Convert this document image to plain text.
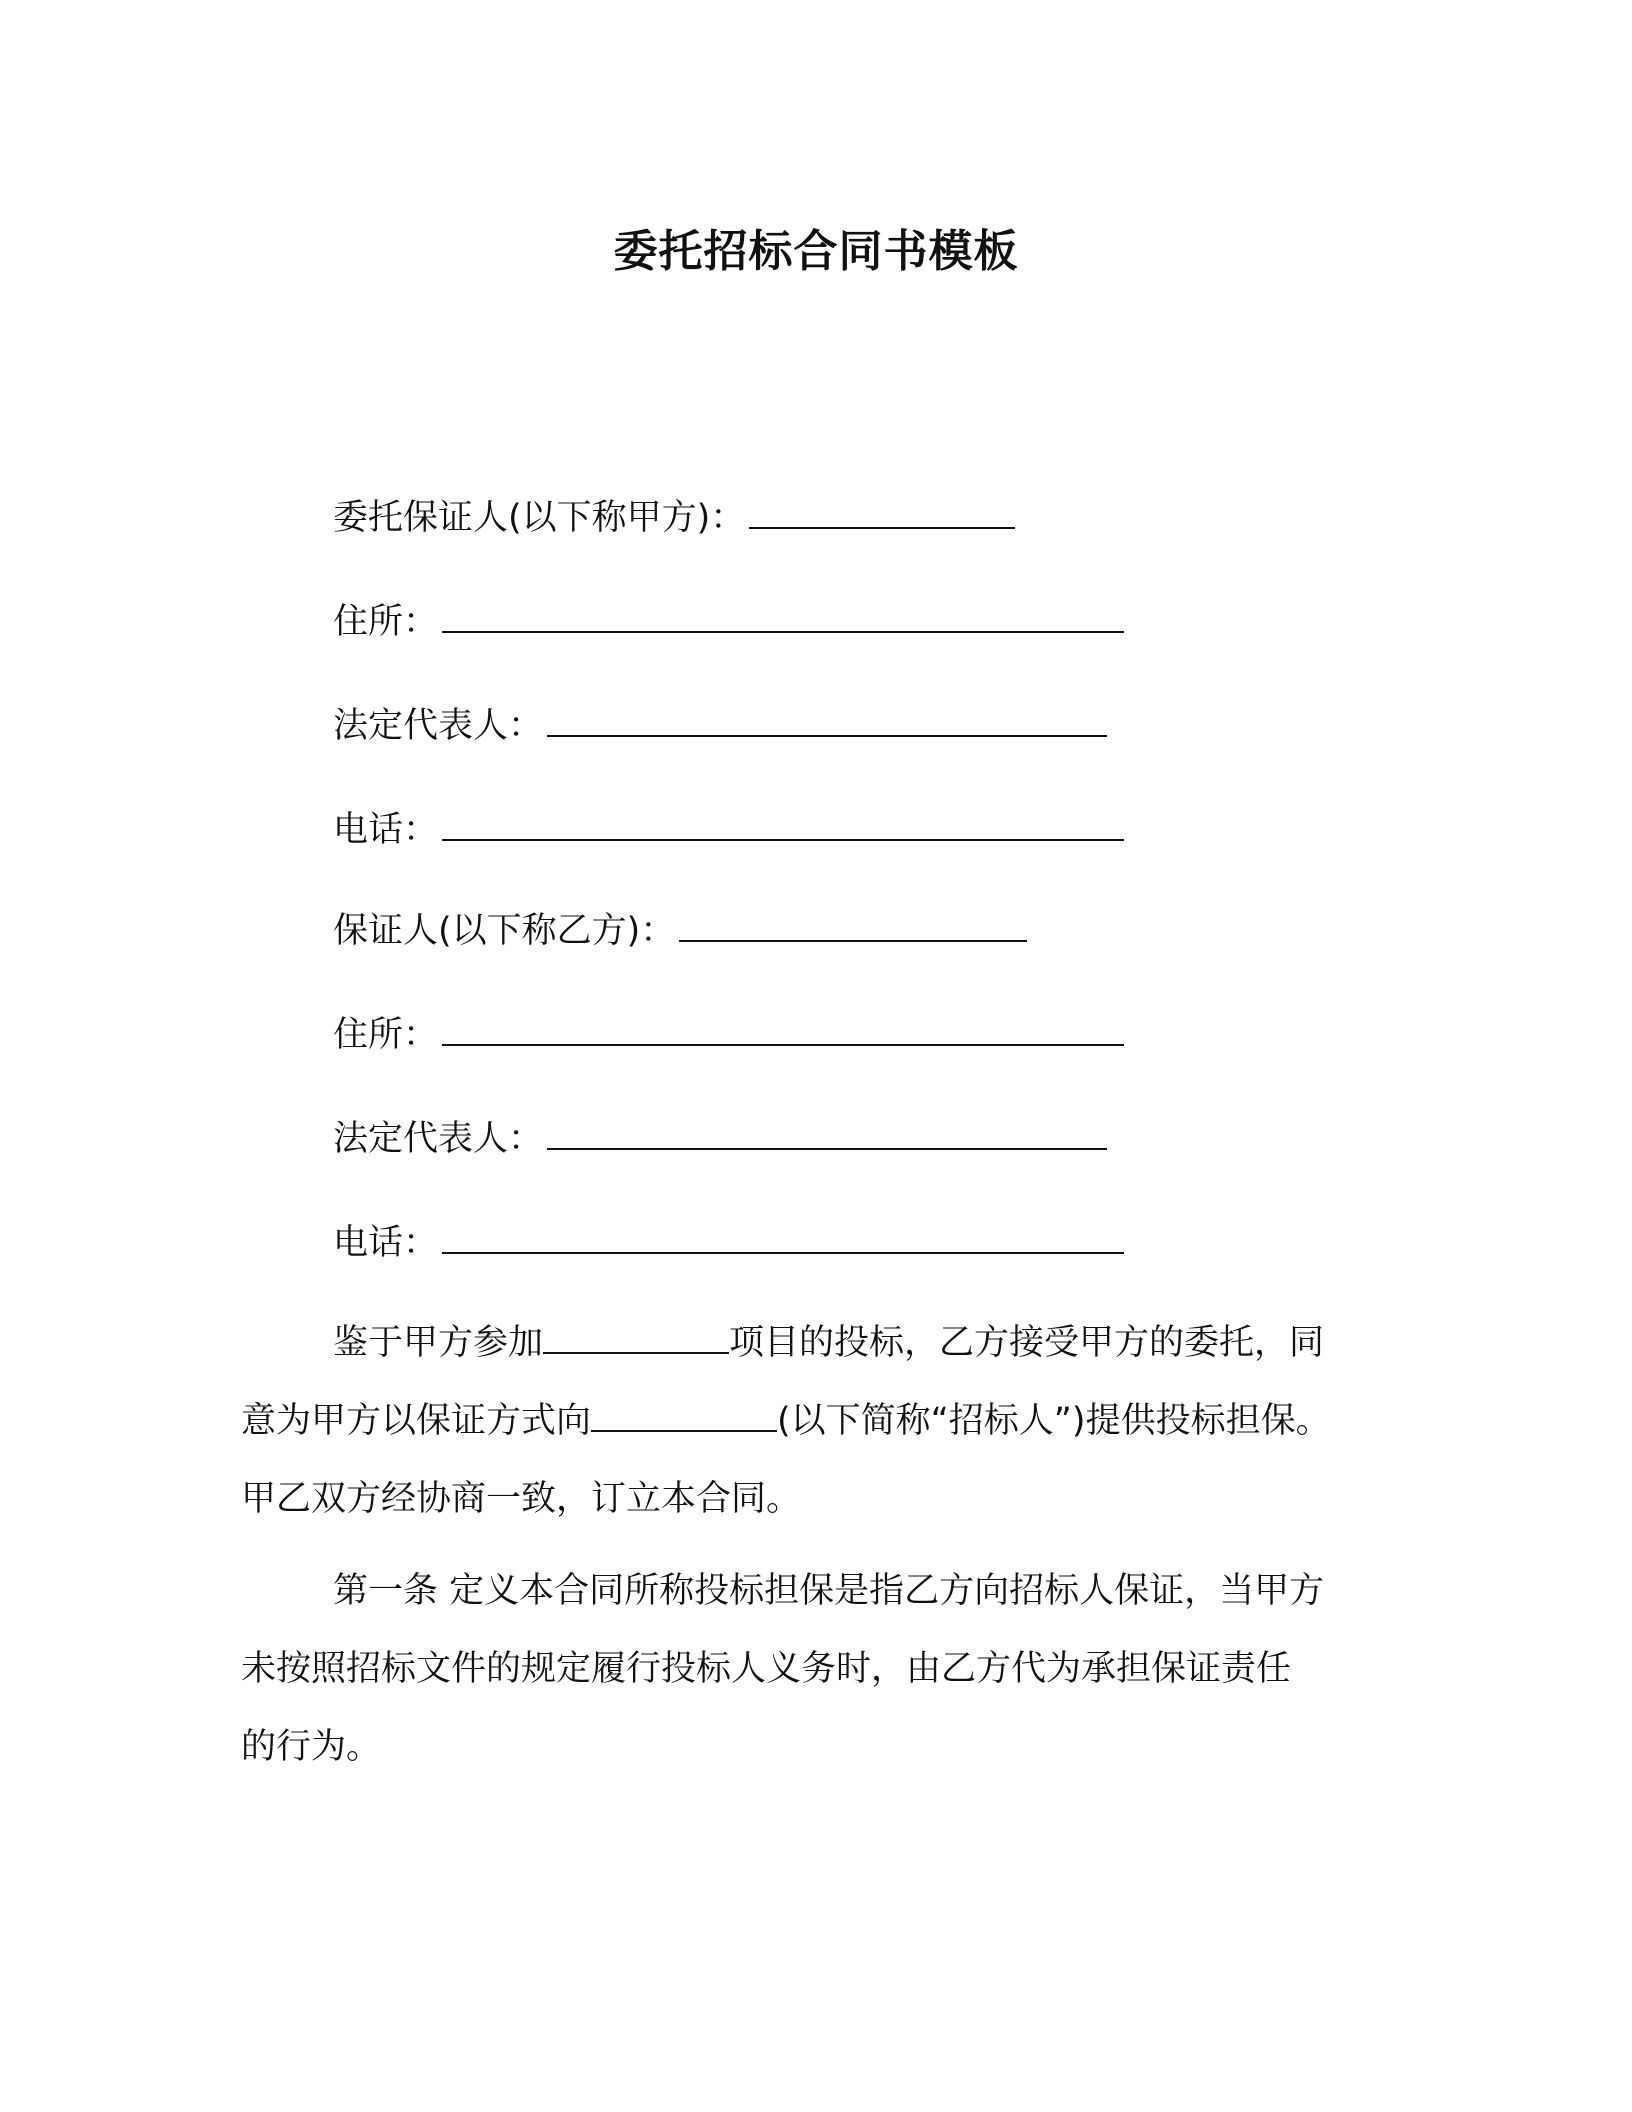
委托招标合同书模板
委托保证人(以下称甲方)：
住所：
法定代表人：
电话：
保证人(以下称乙方)：
住所：
法定代表人：
电话：
鉴于甲方参加	项目的投标，乙方接受甲方的委托，同
意为甲方以保证方式向	(以下简称“招标人”)提供投标担保。
甲乙双方经协商一致，订立本合同。
第一条 定义本合同所称投标担保是指乙方向招标人保证，当甲方
未按照招标文件的规定履行投标人义务时，由乙方代为承担保证责任
的行为。
